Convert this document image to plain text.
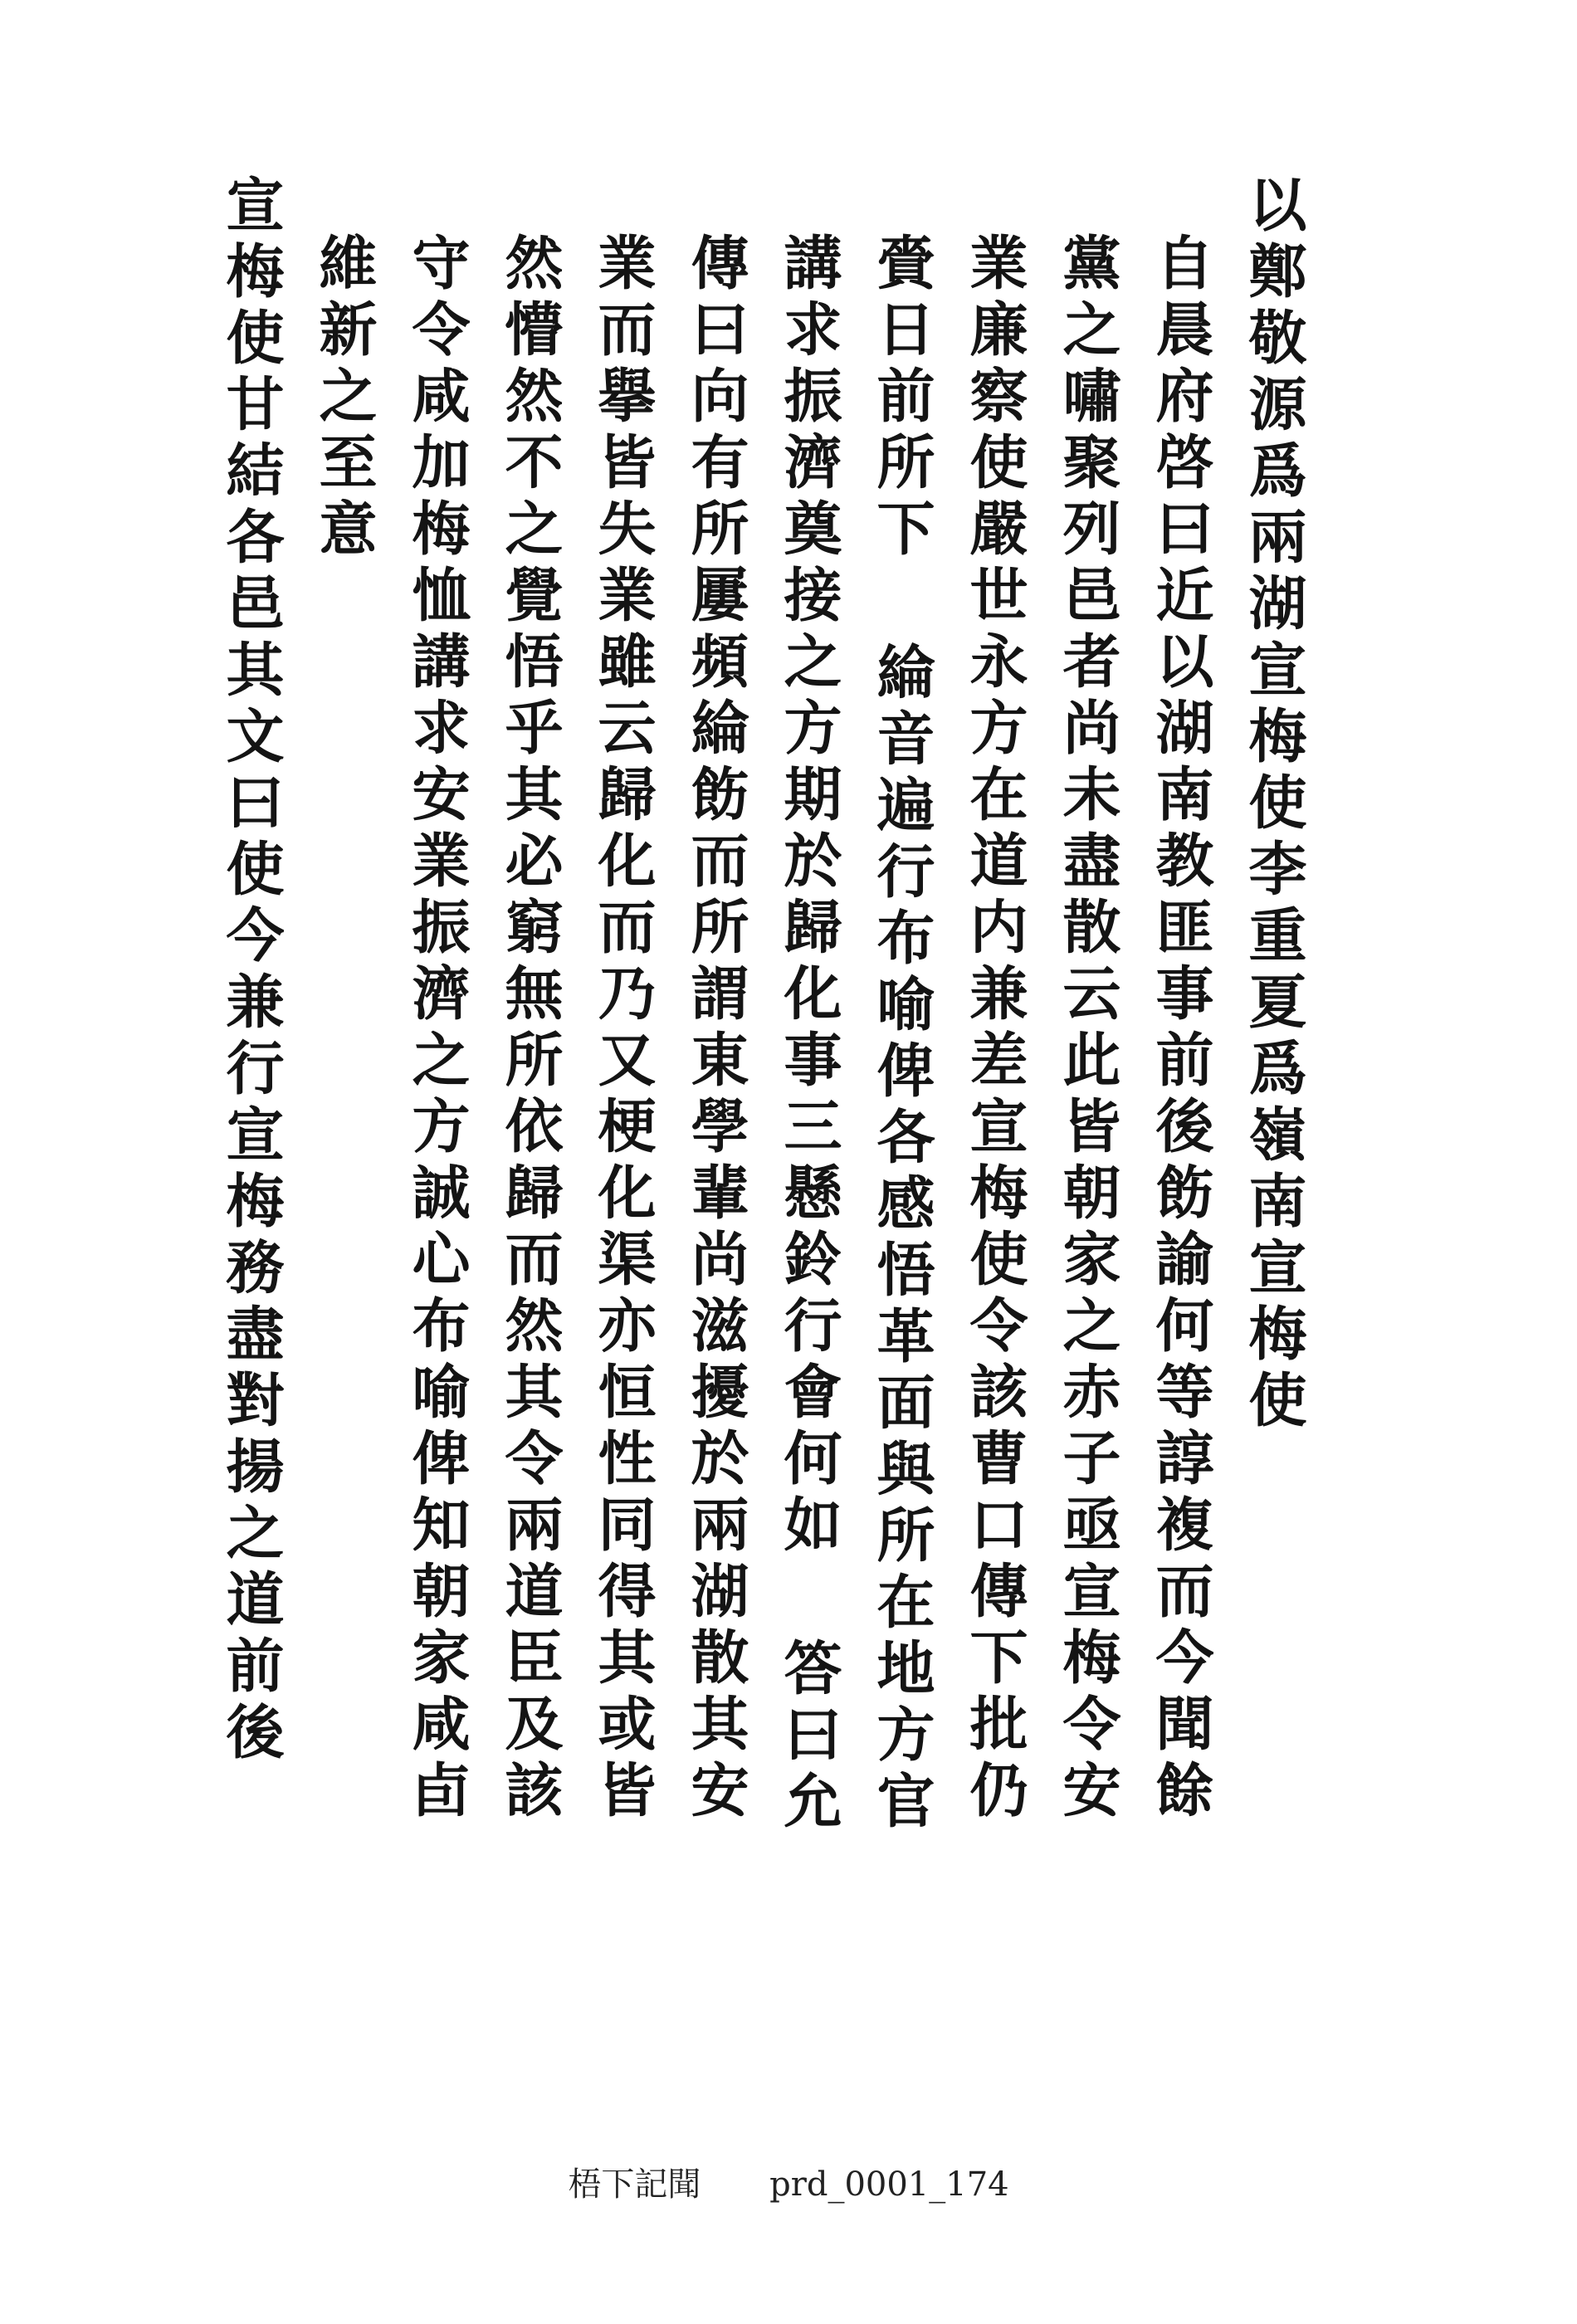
以鄭敬源爲兩湖宣梅使李重夏爲嶺南宣梅使
自晨府啓曰近以湖南教匪事前後飭諭何等諄複而今聞餘
黨之嘯聚列邑者尚未盡散云此皆朝家之赤子亟宣梅令安
業廉察使嚴世永方在道内兼差宣梅使令該曹口傳下批仍
賫日前所下 綸音遍行布喻俾各感悟革面與所在地方官
講求振濟奠接之方期於歸化事三懸鈴行會何如 答曰允
傳曰向有所屢頻綸飭而所謂東學輩尚滋擾於兩湖散其安
業而擧皆失業雖云歸化而乃又梗化渠亦恒性同得其或皆
然懵然不之覺悟乎其必窮無所依歸而然其令兩道臣及該
守令咸加梅恤講求安業振濟之方誠心布喻俾知朝家咸卣
維新之至意
宣梅使甘結各邑其文曰使今兼行宣梅務盡對揚之道前後
梧下記聞 prd_0001_174
